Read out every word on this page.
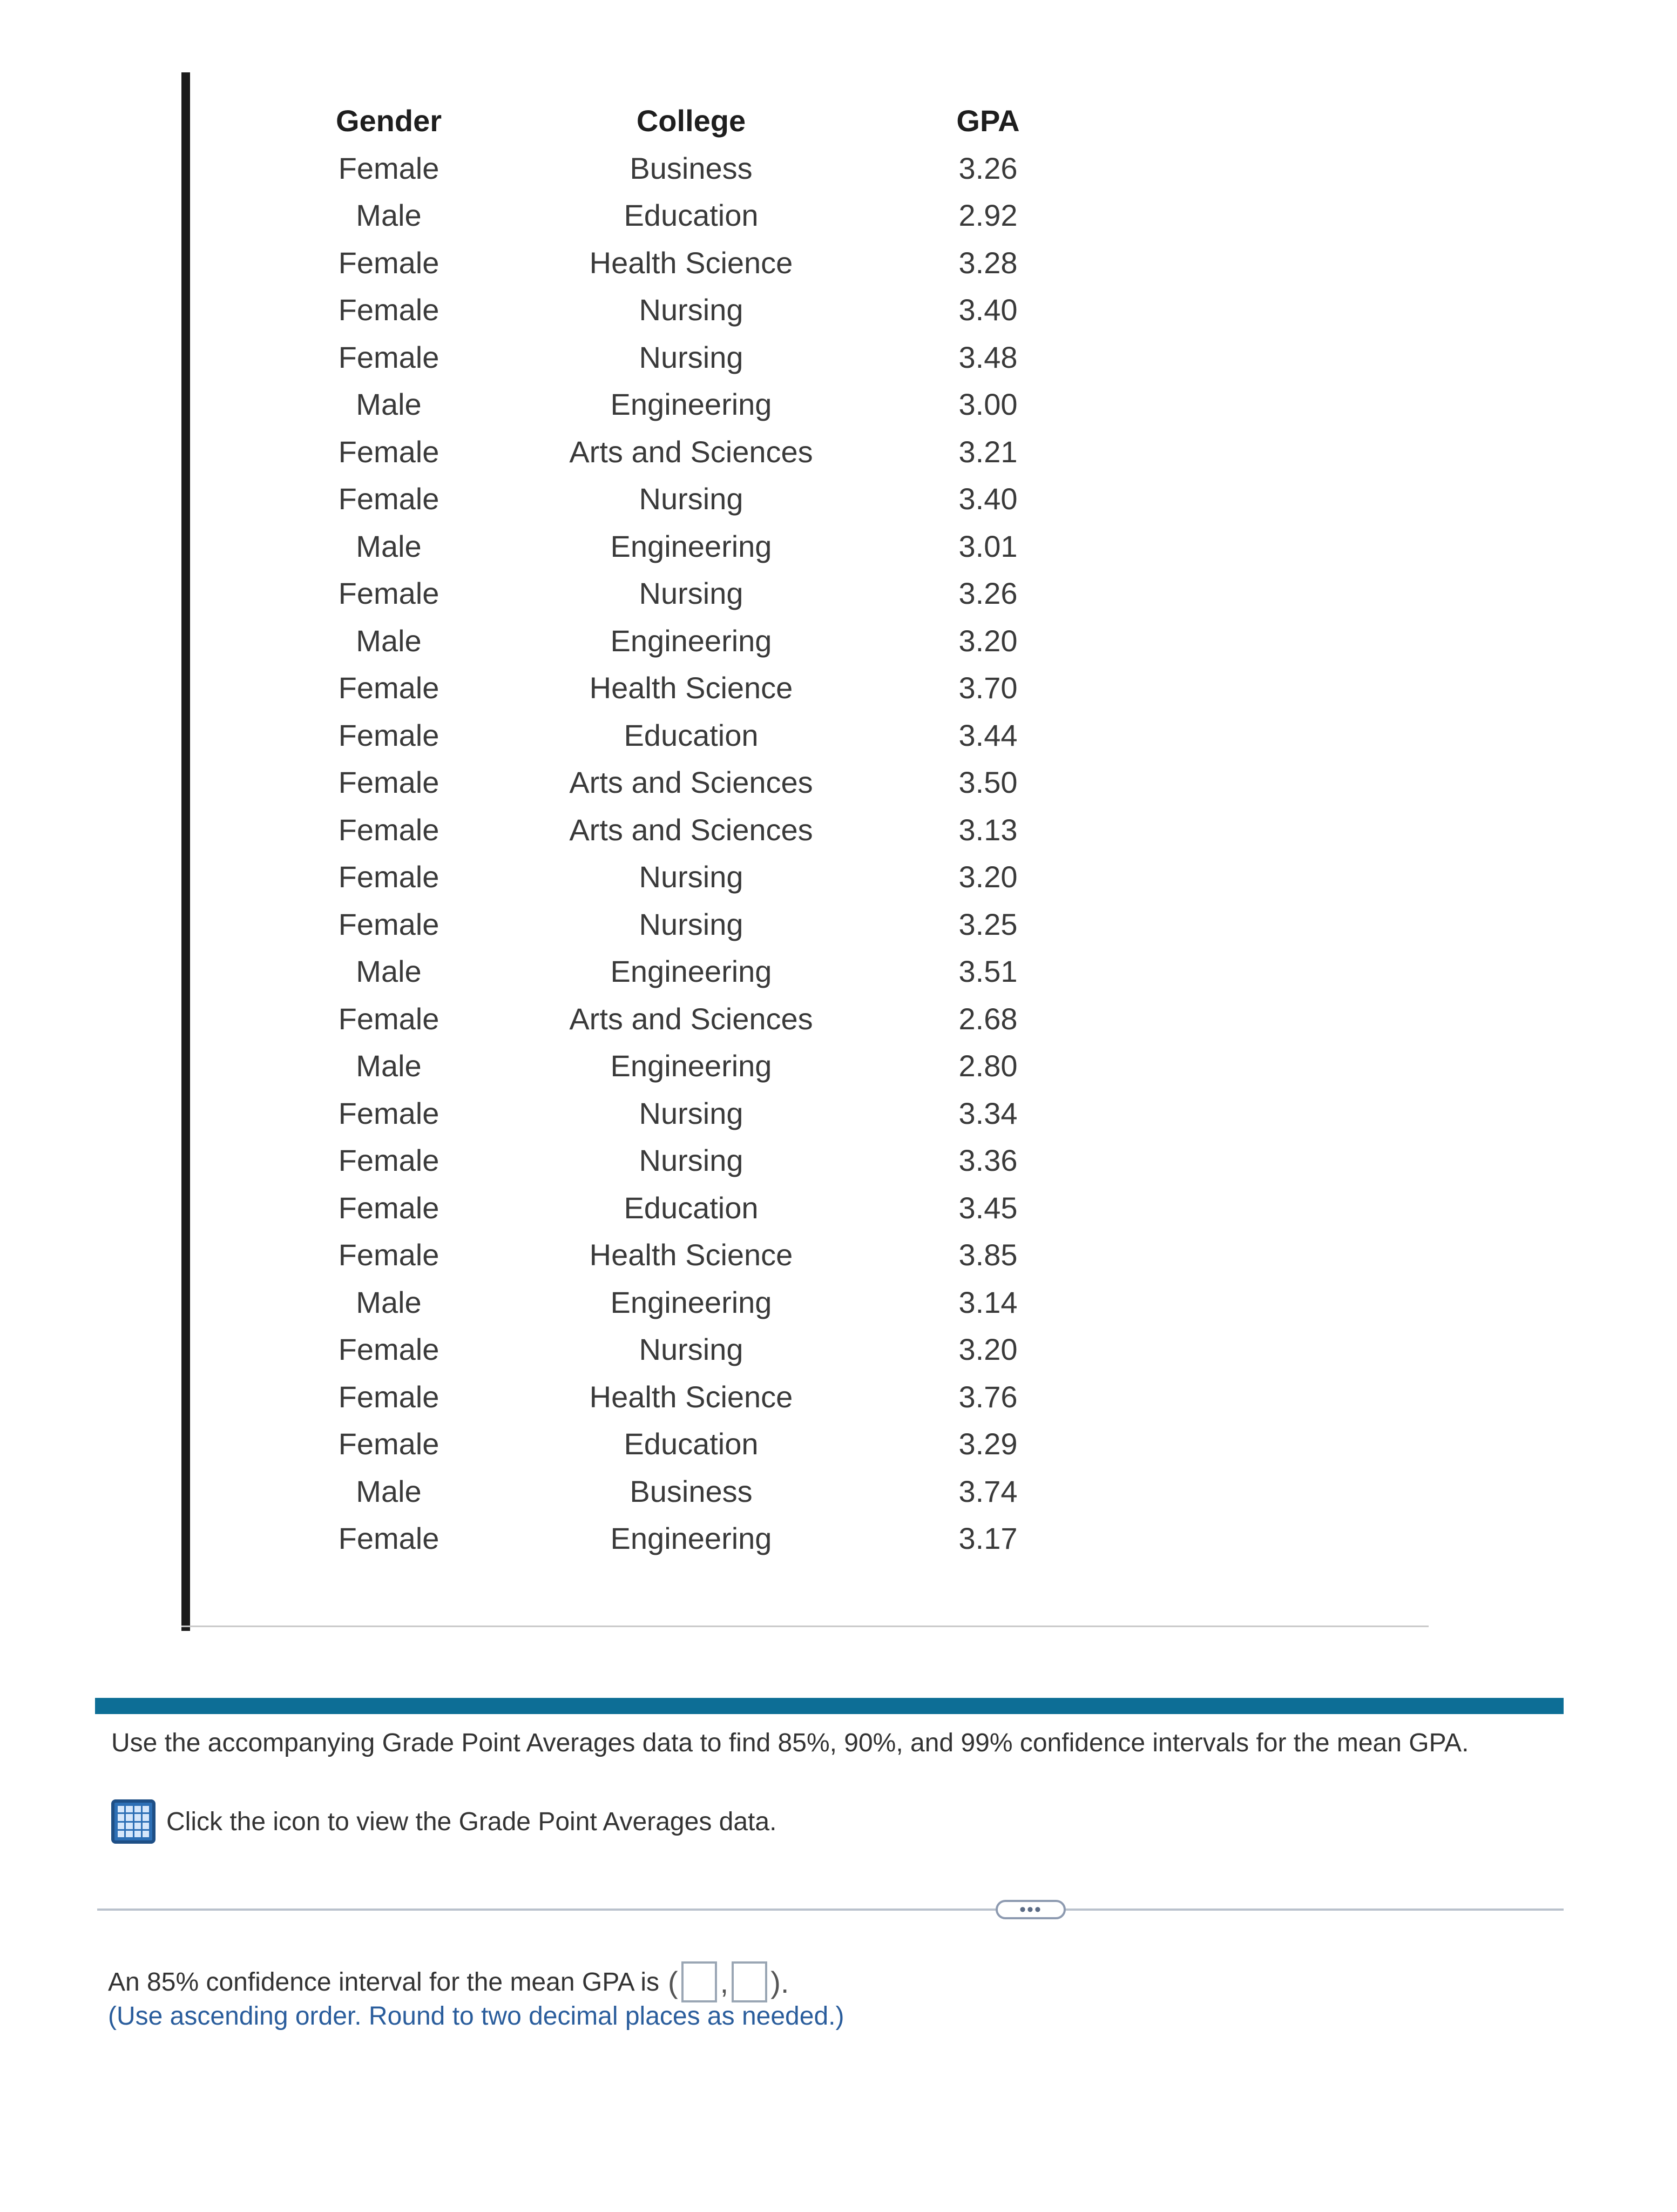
Gender	College	GPA
Female	Business	3.26
Male	Education	2.92
Female	Health Science	3.28
Female	Nursing	3.40
Female	Nursing	3.48
Male	Engineering	3.00
Female	Arts and Sciences	3.21
Female	Nursing	3.40
Male	Engineering	3.01
Female	Nursing	3.26
Male	Engineering	3.20
Female	Health Science	3.70
Female	Education	3.44
Female	Arts and Sciences	3.50
Female	Arts and Sciences	3.13
Female	Nursing	3.20
Female	Nursing	3.25
Male	Engineering	3.51
Female	Arts and Sciences	2.68
Male	Engineering	2.80
Female	Nursing	3.34
Female	Nursing	3.36
Female	Education	3.45
Female	Health Science	3.85
Male	Engineering	3.14
Female	Nursing	3.20
Female	Health Science	3.76
Female	Education	3.29
Male	Business	3.74
Female	Engineering	3.17
Use the accompanying Grade Point Averages data to find 85%, 90%, and 99% confidence intervals for the mean GPA.
Click the icon to view the Grade Point Averages data.
•••
An 85% confidence interval for the mean GPA is ( , ).
(Use ascending order. Round to two decimal places as needed.)
